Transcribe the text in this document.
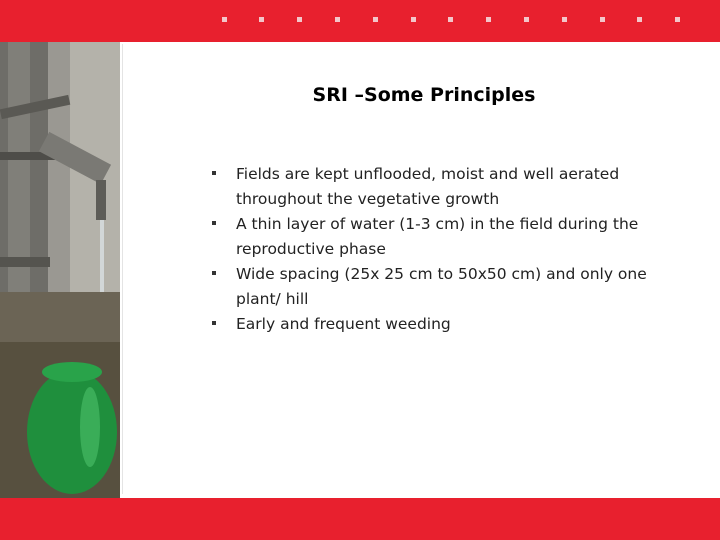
SRI –Some Principles
Fields are kept unflooded, moist and well aerated throughout the vegetative growth
A thin layer of water (1-3 cm) in the field during the reproductive phase
Wide spacing (25x 25 cm to 50x50 cm) and only one plant/ hill
Early and frequent weeding
